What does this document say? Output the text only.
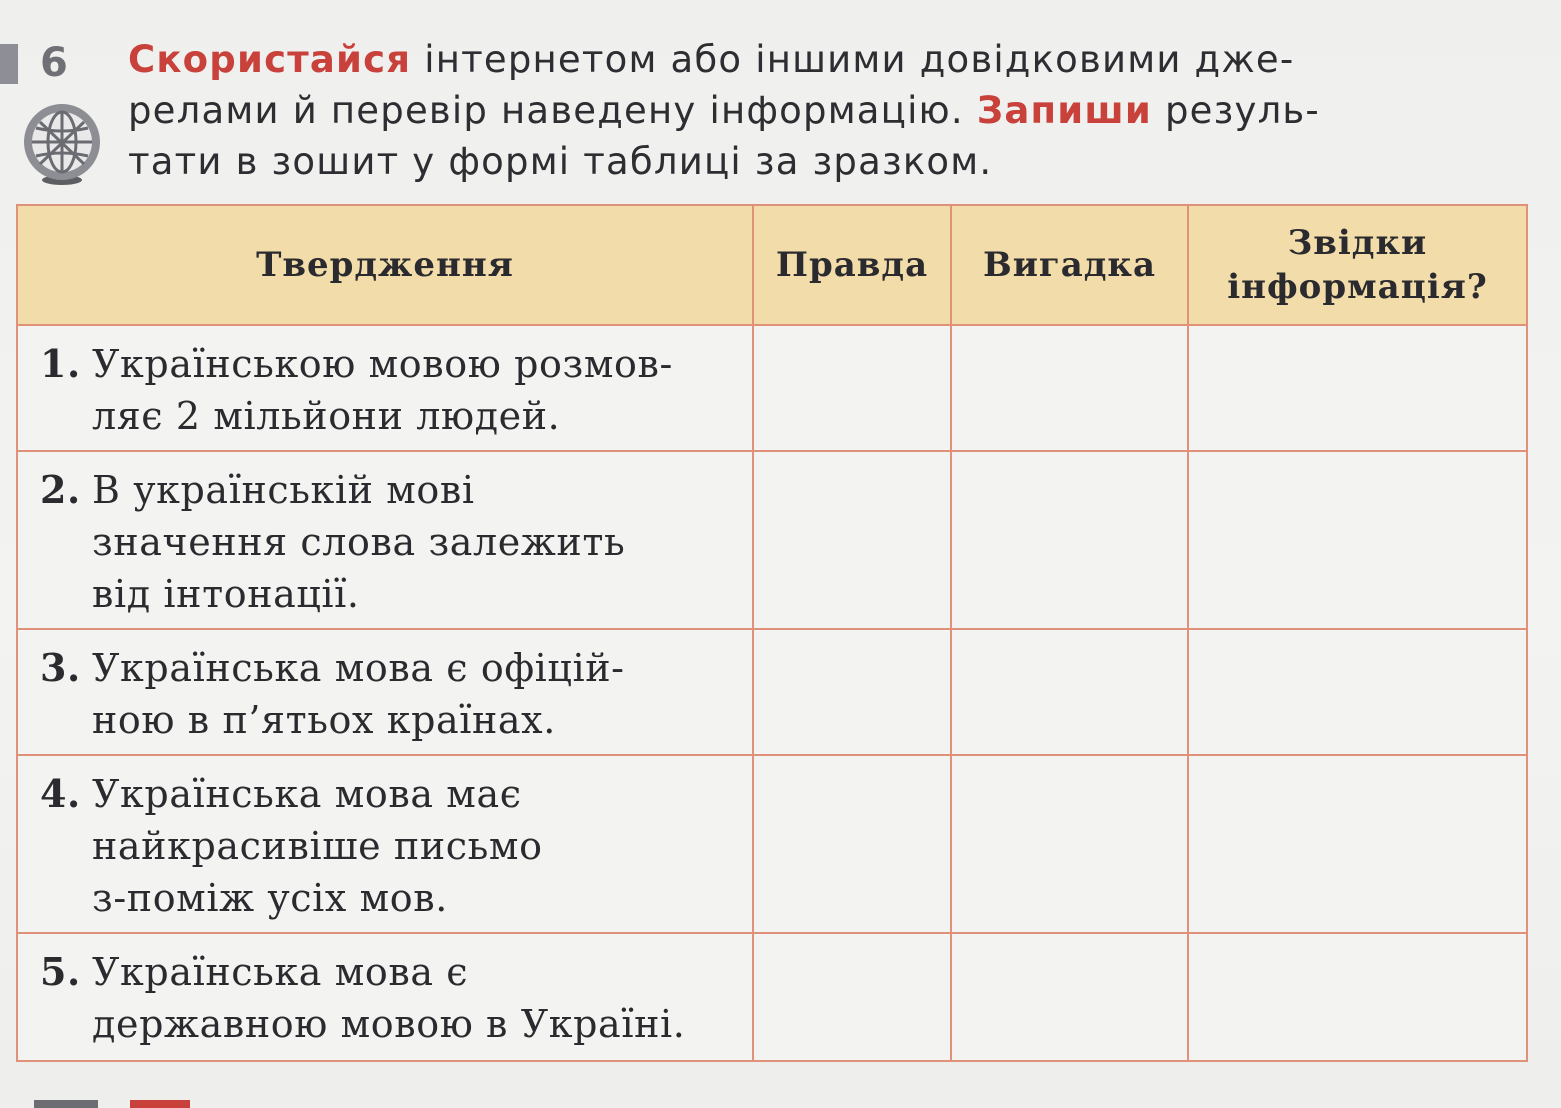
6 Скористайся інтернетом або іншими довідковими дже-
релами й перевір наведену інформацію. Запиши резуль-
тати в зошит у формі таблиці за зразком.
Твердження	Правда	Вигадка	Звідки
інформація?
1. Українською мовою розмов-

ляє 2 мільйони людей.			

2. В українській мові

значення слова залежить
від інтонації.			

3. Українська мова є офіцій-

ною в п’ятьох країнах.			

4. Українська мова має

найкрасивіше письмо
з-поміж усіх мов.			

5. Українська мова є

державною мовою в Україні.			
